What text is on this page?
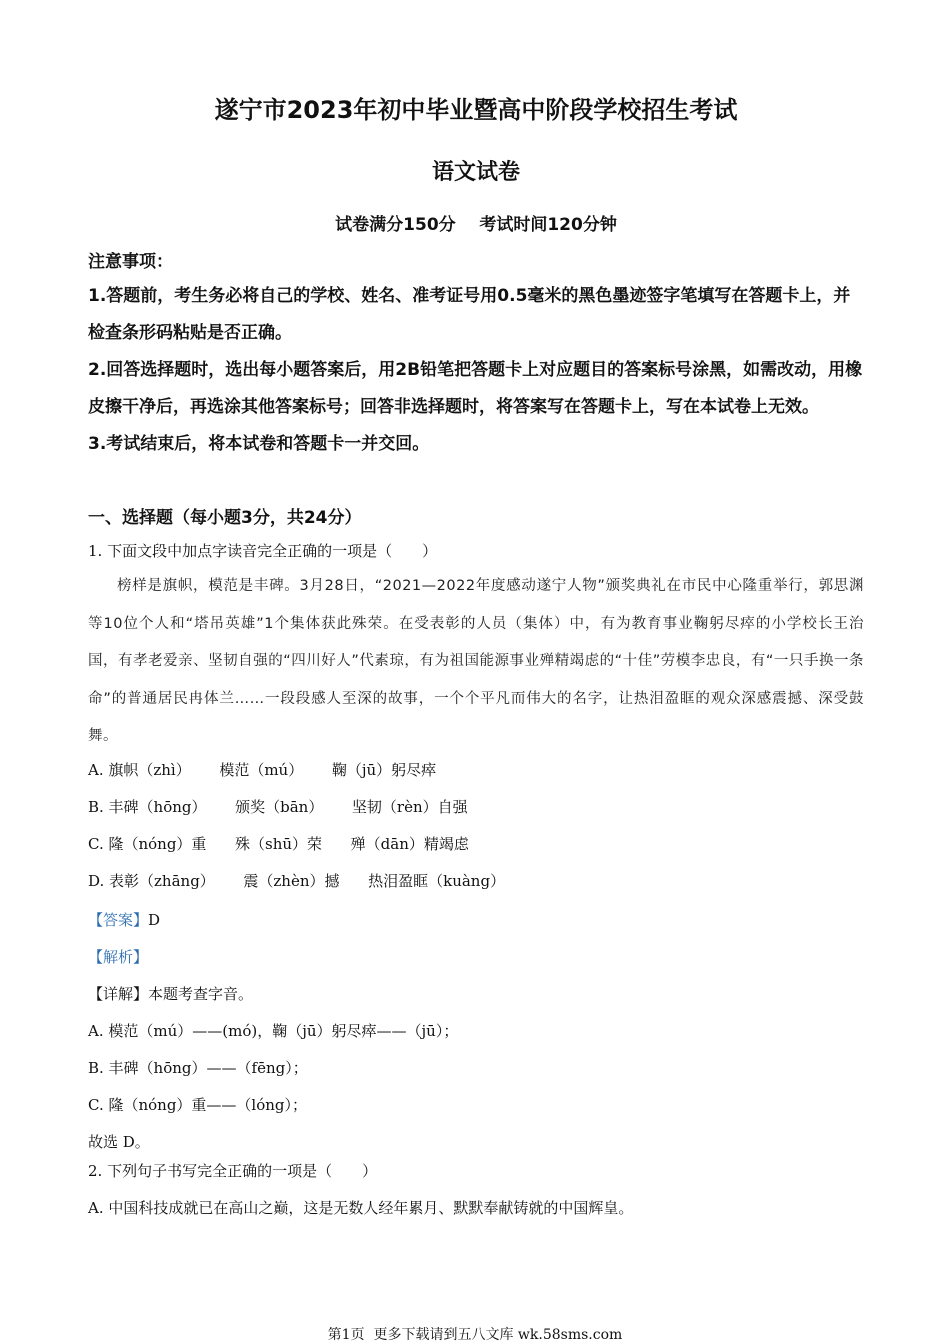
遂宁市2023年初中毕业暨高中阶段学校招生考试
语文试卷
试卷满分150分    考试时间120分钟
注意事项：

1.答题前，考生务必将自己的学校、姓名、准考证号用0.5毫米的黑色墨迹签字笔填写在答题卡上，并检查条形码粘贴是否正确。

2.回答选择题时，选出每小题答案后，用2B铅笔把答题卡上对应题目的答案标号涂黑，如需改动，用橡皮擦干净后，再选涂其他答案标号；回答非选择题时，将答案写在答题卡上，写在本试卷上无效。

3.考试结束后，将本试卷和答题卡一并交回。

一、选择题（每小题3分，共24分）
1. 下面文段中加点字读音完全正确的一项是（　　）
榜样是旗帜，模范是丰碑。3月28日，“2021—2022年度感动遂宁人物”颁奖典礼在市民中心隆重举行，郭思渊等10位个人和“塔吊英雄”1个集体获此殊荣。在受表彰的人员（集体）中，有为教育事业鞠躬尽瘁的小学校长王治国，有孝老爱亲、坚韧自强的“四川好人”代素琼，有为祖国能源事业殚精竭虑的“十佳”劳模李忠良，有“一只手换一条命”的普通居民冉体兰……一段段感人至深的故事，一个个平凡而伟大的名字，让热泪盈眶的观众深感震撼、深受鼓舞。
A. 旗帜（zhì）      模范（mú）      鞠（jū）躬尽瘁
B. 丰碑（hōng）      颁奖（bān）      坚韧（rèn）自强
C. 隆（nóng）重      殊（shū）荣      殚（dān）精竭虑
D. 表彰（zhāng）      震（zhèn）撼      热泪盈眶（kuàng）
【答案】D
【解析】
【详解】本题考查字音。
A. 模范（mú）——(mó)，鞠（jū）躬尽瘁——（jū）；
B. 丰碑（hōng）——（fēng）；
C. 隆（nóng）重——（lóng）；
故选 D。
2. 下列句子书写完全正确的一项是（　　）
A. 中国科技成就已在高山之巅，这是无数人经年累月、默默奉献铸就的中国辉皇。
第1页  更多下载请到五八文库 wk.58sms.com
